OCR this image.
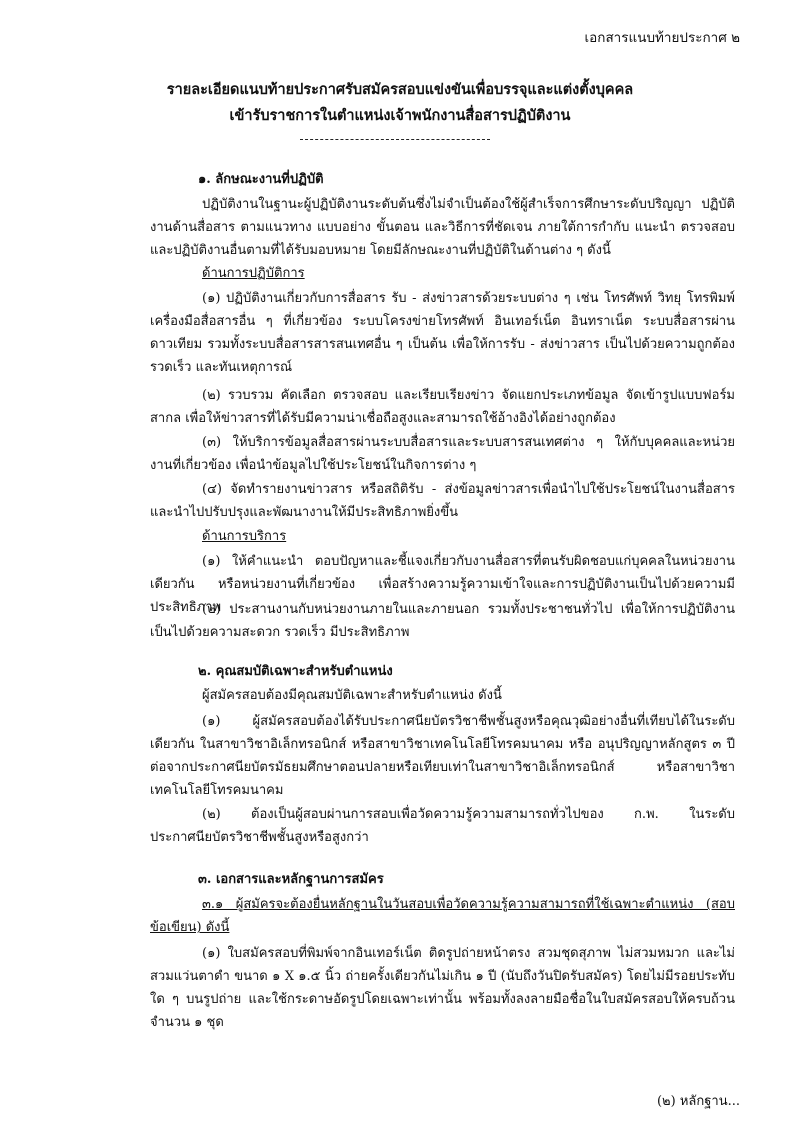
เอกสารแนบท้ายประกาศ ๒
รายละเอียดแนบท้ายประกาศรับสมัครสอบแข่งขันเพื่อบรรจุและแต่งตั้งบุคคล
เข้ารับราชการในตำแหน่งเจ้าพนักงานสื่อสารปฏิบัติงาน
๑. ลักษณะงานที่ปฏิบัติ
ปฏิบัติงานในฐานะผู้ปฏิบัติงานระดับต้นซึ่งไม่จำเป็นต้องใช้ผู้สำเร็จการศึกษาระดับปริญญา ปฏิบัติงานด้านสื่อสาร ตามแนวทาง แบบอย่าง ขั้นตอน และวิธีการที่ชัดเจน ภายใต้การกำกับ แนะนำ ตรวจสอบ และปฏิบัติงานอื่นตามที่ได้รับมอบหมาย โดยมีลักษณะงานที่ปฏิบัติในด้านต่าง ๆ ดังนี้
ด้านการปฏิบัติการ
(๑) ปฏิบัติงานเกี่ยวกับการสื่อสาร รับ - ส่งข่าวสารด้วยระบบต่าง ๆ เช่น โทรศัพท์ วิทยุ โทรพิมพ์ เครื่องมือสื่อสารอื่น ๆ ที่เกี่ยวข้อง ระบบโครงข่ายโทรศัพท์ อินเทอร์เน็ต อินทราเน็ต ระบบสื่อสารผ่านดาวเทียม รวมทั้งระบบสื่อสารสารสนเทศอื่น ๆ เป็นต้น เพื่อให้การรับ - ส่งข่าวสาร เป็นไปด้วยความถูกต้อง รวดเร็ว และทันเหตุการณ์
(๒) รวบรวม คัดเลือก ตรวจสอบ และเรียบเรียงข่าว จัดแยกประเภทข้อมูล จัดเข้ารูปแบบฟอร์มสากล เพื่อให้ข่าวสารที่ได้รับมีความน่าเชื่อถือสูงและสามารถใช้อ้างอิงได้อย่างถูกต้อง
(๓) ให้บริการข้อมูลสื่อสารผ่านระบบสื่อสารและระบบสารสนเทศต่าง ๆ ให้กับบุคคลและหน่วยงานที่เกี่ยวข้อง เพื่อนำข้อมูลไปใช้ประโยชน์ในกิจการต่าง ๆ
(๔) จัดทำรายงานข่าวสาร หรือสถิติรับ - ส่งข้อมูลข่าวสารเพื่อนำไปใช้ประโยชน์ในงานสื่อสารและนำไปปรับปรุงและพัฒนางานให้มีประสิทธิภาพยิ่งขึ้น
ด้านการบริการ
(๑) ให้คำแนะนำ ตอบปัญหาและชี้แจงเกี่ยวกับงานสื่อสารที่ตนรับผิดชอบแก่บุคคลในหน่วยงานเดียวกัน หรือหน่วยงานที่เกี่ยวข้อง เพื่อสร้างความรู้ความเข้าใจและการปฏิบัติงานเป็นไปด้วยความมีประสิทธิภาพ
(๒) ประสานงานกับหน่วยงานภายในและภายนอก รวมทั้งประชาชนทั่วไป เพื่อให้การปฏิบัติงานเป็นไปด้วยความสะดวก รวดเร็ว มีประสิทธิภาพ
๒. คุณสมบัติเฉพาะสำหรับตำแหน่ง
ผู้สมัครสอบต้องมีคุณสมบัติเฉพาะสำหรับตำแหน่ง ดังนี้
(๑) ผู้สมัครสอบต้องได้รับประกาศนียบัตรวิชาชีพชั้นสูงหรือคุณวุฒิอย่างอื่นที่เทียบได้ในระดับเดียวกัน ในสาขาวิชาอิเล็กทรอนิกส์ หรือสาขาวิชาเทคโนโลยีโทรคมนาคม หรือ อนุปริญญาหลักสูตร ๓ ปี ต่อจากประกาศนียบัตรมัธยมศึกษาตอนปลายหรือเทียบเท่าในสาขาวิชาอิเล็กทรอนิกส์ หรือสาขาวิชาเทคโนโลยีโทรคมนาคม
(๒) ต้องเป็นผู้สอบผ่านการสอบเพื่อวัดความรู้ความสามารถทั่วไปของ ก.พ. ในระดับประกาศนียบัตรวิชาชีพชั้นสูงหรือสูงกว่า
๓. เอกสารและหลักฐานการสมัคร
๓.๑ ผู้สมัครจะต้องยื่นหลักฐานในวันสอบเพื่อวัดความรู้ความสามารถที่ใช้เฉพาะตำแหน่ง (สอบข้อเขียน) ดังนี้
(๑) ใบสมัครสอบที่พิมพ์จากอินเทอร์เน็ต ติดรูปถ่ายหน้าตรง สวมชุดสุภาพ ไม่สวมหมวก และไม่สวมแว่นตาดำ ขนาด ๑ X ๑.๕ นิ้ว ถ่ายครั้งเดียวกันไม่เกิน ๑ ปี (นับถึงวันปิดรับสมัคร) โดยไม่มีรอยประทับใด ๆ บนรูปถ่าย และใช้กระดาษอัดรูปโดยเฉพาะเท่านั้น พร้อมทั้งลงลายมือชื่อในใบสมัครสอบให้ครบถ้วน จำนวน ๑ ชุด
(๒) หลักฐาน...
